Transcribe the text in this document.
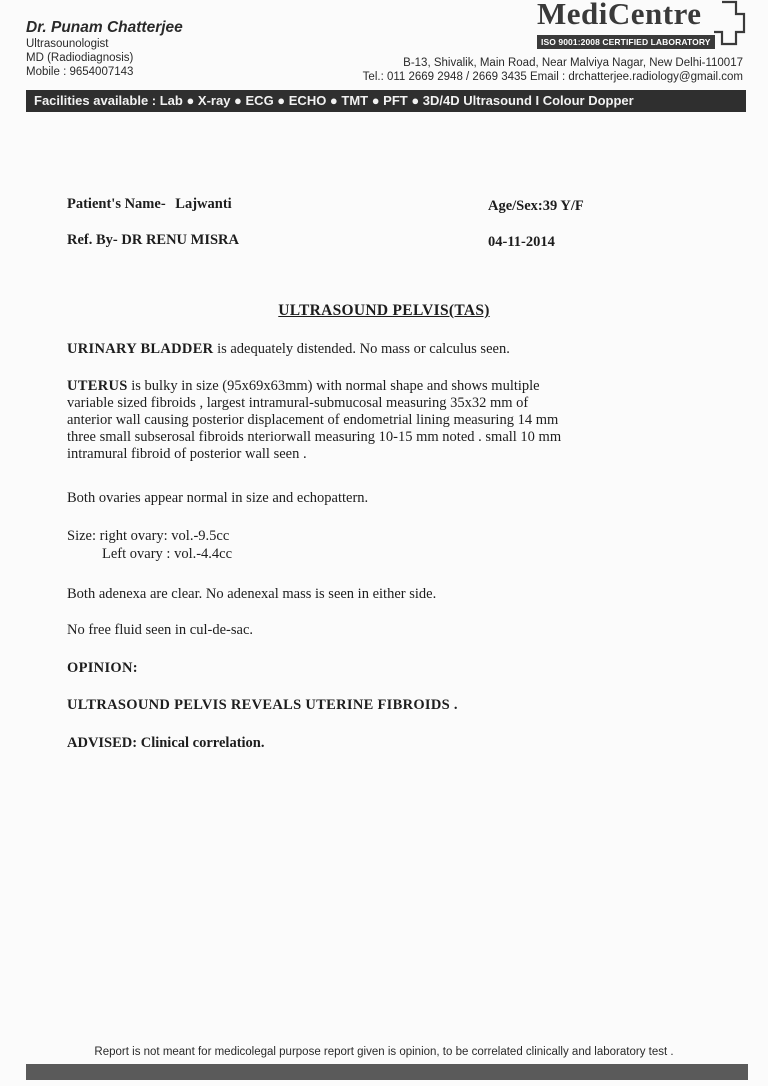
Dr. Punam Chatterjee
Ultrasounologist
MD (Radiodiagnosis)
Mobile : 9654007143
MediCentre
ISO 9001:2008 CERTIFIED LABORATORY
B-13, Shivalik, Main Road, Near Malviya Nagar, New Delhi-110017
Tel.: 011 2669 2948 / 2669 3435 Email : drchatterjee.radiology@gmail.com
Facilities available : Lab ● X-ray ● ECG ● ECHO ● TMT ● PFT ● 3D/4D Ultrasound I Colour Dopper
Patient's Name- Lajwanti	Age/Sex:39 Y/F
Ref. By- DR RENU MISRA	04-11-2014
ULTRASOUND PELVIS(TAS)
URINARY BLADDER is adequately distended. No mass or calculus seen.
UTERUS is bulky in size (95x69x63mm) with normal shape and shows multiple
variable sized fibroids , largest intramural-submucosal measuring 35x32 mm of
anterior wall causing posterior displacement of endometrial lining measuring 14 mm
three small subserosal fibroids nteriorwall measuring 10-15 mm noted . small 10 mm
intramural fibroid of posterior wall seen .
Both ovaries appear normal in size and echopattern.
Size: right ovary: vol.-9.5cc
Left ovary : vol.-4.4cc
Both adenexa are clear. No adenexal mass is seen in either side.
No free fluid seen in cul-de-sac.
OPINION:
ULTRASOUND PELVIS REVEALS UTERINE FIBROIDS .
ADVISED: Clinical correlation.
Report is not meant for medicolegal purpose report given is opinion, to be correlated clinically and laboratory test .
